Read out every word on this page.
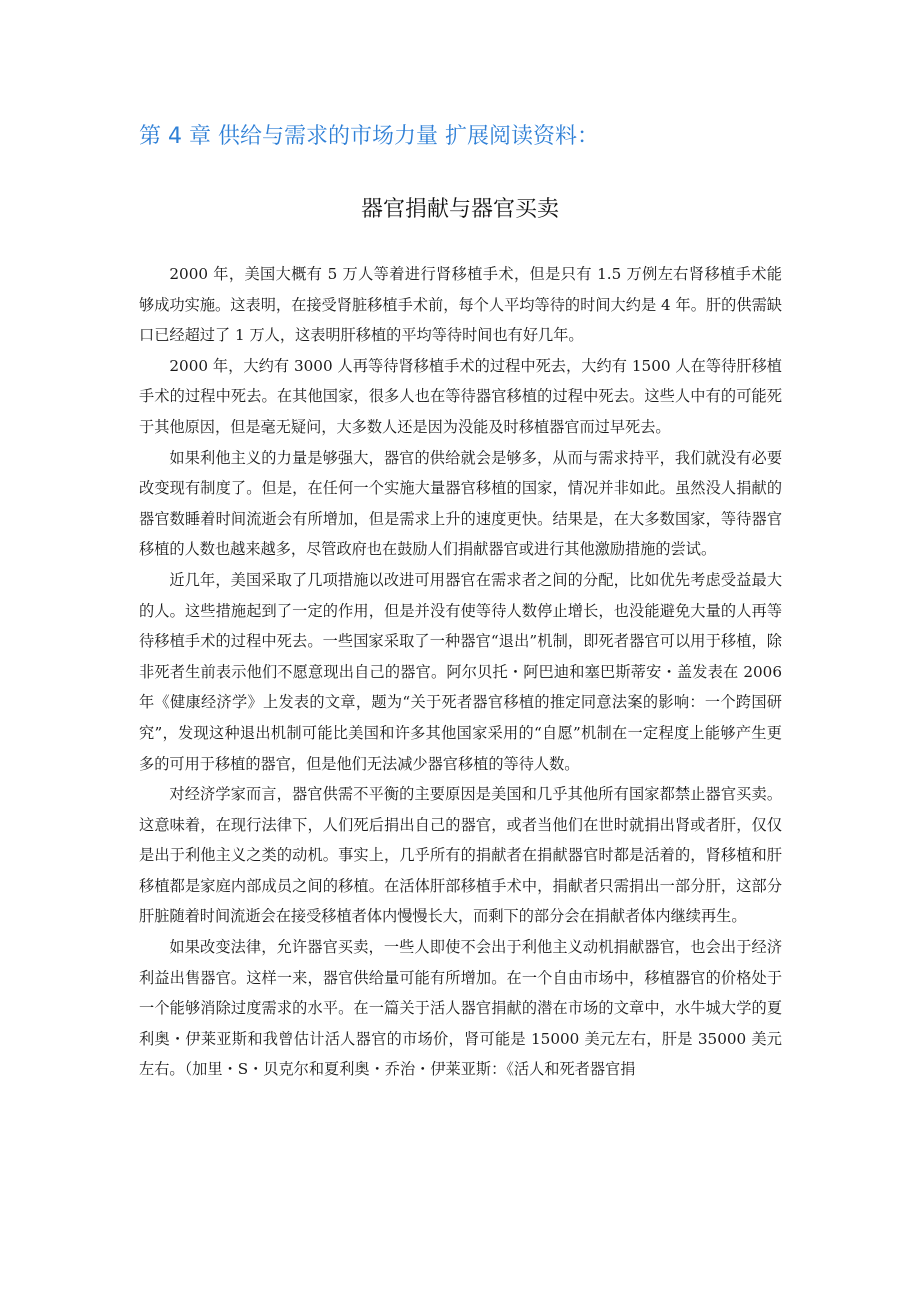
第 4 章 供给与需求的市场力量 扩展阅读资料：
器官捐献与器官买卖

2000 年，美国大概有 5 万人等着进行肾移植手术，但是只有 1.5 万例左右肾移植手术能够成功实施。这表明，在接受肾脏移植手术前，每个人平均等待的时间大约是 4 年。肝的供需缺口已经超过了 1 万人，这表明肝移植的平均等待时间也有好几年。

2000 年，大约有 3000 人再等待肾移植手术的过程中死去，大约有 1500 人在等待肝移植手术的过程中死去。在其他国家，很多人也在等待器官移植的过程中死去。这些人中有的可能死于其他原因，但是毫无疑问，大多数人还是因为没能及时移植器官而过早死去。

如果利他主义的力量是够强大，器官的供给就会是够多，从而与需求持平，我们就没有必要改变现有制度了。但是，在任何一个实施大量器官移植的国家，情况并非如此。虽然没人捐献的器官数睡着时间流逝会有所增加，但是需求上升的速度更快。结果是，在大多数国家，等待器官移植的人数也越来越多，尽管政府也在鼓励人们捐献器官或进行其他激励措施的尝试。

近几年，美国采取了几项措施以改进可用器官在需求者之间的分配，比如优先考虑受益最大的人。这些措施起到了一定的作用，但是并没有使等待人数停止增长，也没能避免大量的人再等待移植手术的过程中死去。一些国家采取了一种器官“退出”机制，即死者器官可以用于移植，除非死者生前表示他们不愿意现出自己的器官。阿尔贝托・阿巴迪和塞巴斯蒂安・盖发表在 2006 年《健康经济学》上发表的文章，题为“关于死者器官移植的推定同意法案的影响：一个跨国研究”，发现这种退出机制可能比美国和许多其他国家采用的“自愿”机制在一定程度上能够产生更多的可用于移植的器官，但是他们无法减少器官移植的等待人数。

对经济学家而言，器官供需不平衡的主要原因是美国和几乎其他所有国家都禁止器官买卖。这意味着，在现行法律下，人们死后捐出自己的器官，或者当他们在世时就捐出肾或者肝，仅仅是出于利他主义之类的动机。事实上，几乎所有的捐献者在捐献器官时都是活着的，肾移植和肝移植都是家庭内部成员之间的移植。在活体肝部移植手术中，捐献者只需捐出一部分肝，这部分肝脏随着时间流逝会在接受移植者体内慢慢长大，而剩下的部分会在捐献者体内继续再生。

如果改变法律，允许器官买卖，一些人即使不会出于利他主义动机捐献器官，也会出于经济利益出售器官。这样一来，器官供给量可能有所增加。在一个自由市场中，移植器官的价格处于一个能够消除过度需求的水平。在一篇关于活人器官捐献的潜在市场的文章中，水牛城大学的夏利奥・伊莱亚斯和我曾估计活人器官的市场价，肾可能是 15000 美元左右，肝是 35000 美元左右。（加里・S・贝克尔和夏利奥・乔治・伊莱亚斯：《活人和死者器官捐
